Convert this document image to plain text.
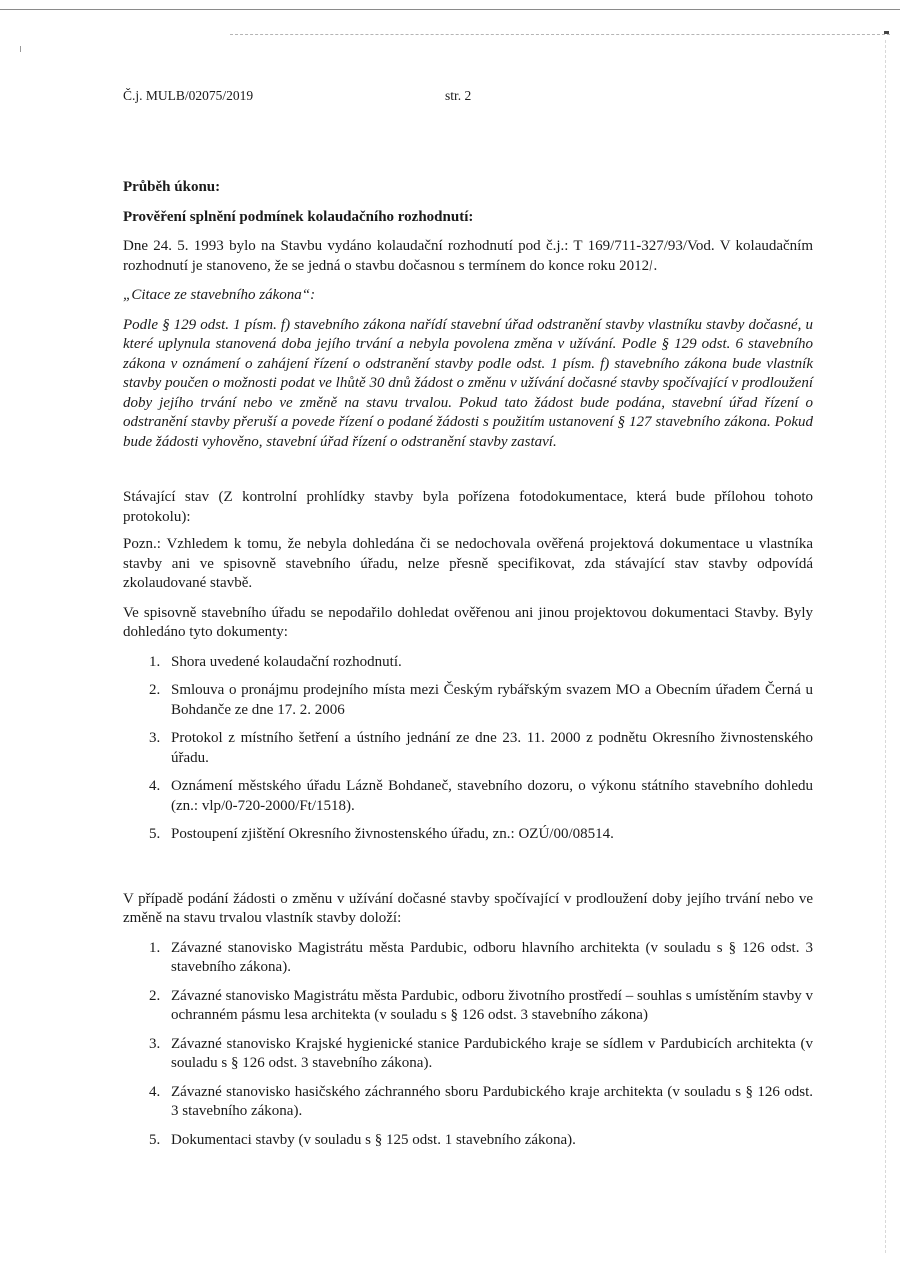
Č.j. MULB/02075/2019	str. 2

Průběh úkonu:

Prověření splnění podmínek kolaudačního rozhodnutí:

Dne 24. 5. 1993 bylo na Stavbu vydáno kolaudační rozhodnutí pod č.j.: T 169/711-327/93/Vod. V kolaudačním rozhodnutí je stanoveno, že se jedná o stavbu dočasnou s termínem do konce roku 2012/.

„Citace ze stavebního zákona“:

Podle § 129 odst. 1 písm. f) stavebního zákona nařídí stavební úřad odstranění stavby vlastníku stavby dočasné, u které uplynula stanovená doba jejího trvání a nebyla povolena změna v užívání. Podle § 129 odst. 6 stavebního zákona v oznámení o zahájení řízení o odstranění stavby podle odst. 1 písm. f) stavebního zákona bude vlastník stavby poučen o možnosti podat ve lhůtě 30 dnů žádost o změnu v užívání dočasné stavby spočívající v prodloužení doby jejího trvání nebo ve změně na stavu trvalou. Pokud tato žádost bude podána, stavební úřad řízení o odstranění stavby přeruší a povede řízení o podané žádosti s použitím ustanovení § 127 stavebního zákona. Pokud bude žádosti vyhověno, stavební úřad řízení o odstranění stavby zastaví.

Stávající stav (Z kontrolní prohlídky stavby byla pořízena fotodokumentace, která bude přílohou tohoto protokolu):

Pozn.: Vzhledem k tomu, že nebyla dohledána či se nedochovala ověřená projektová dokumentace u vlastníka stavby ani ve spisovně stavebního úřadu, nelze přesně specifikovat, zda stávající stav stavby odpovídá zkolaudované stavbě.

Ve spisovně stavebního úřadu se nepodařilo dohledat ověřenou ani jinou projektovou dokumentaci Stavby. Byly dohledáno tyto dokumenty:

1. Shora uvedené kolaudační rozhodnutí.
2. Smlouva o pronájmu prodejního místa mezi Českým rybářským svazem MO a Obecním úřadem Černá u Bohdanče ze dne 17. 2. 2006
3. Protokol z místního šetření a ústního jednání ze dne 23. 11. 2000 z podnětu Okresního živnostenského úřadu.
4. Oznámení městského úřadu Lázně Bohdaneč, stavebního dozoru, o výkonu státního stavebního dohledu (zn.: vlp/0-720-2000/Ft/1518).
5. Postoupení zjištění Okresního živnostenského úřadu, zn.: OZÚ/00/08514.

V případě podání žádosti o změnu v užívání dočasné stavby spočívající v prodloužení doby jejího trvání nebo ve změně na stavu trvalou vlastník stavby doloží:

1. Závazné stanovisko Magistrátu města Pardubic, odboru hlavního architekta (v souladu s § 126 odst. 3 stavebního zákona).
2. Závazné stanovisko Magistrátu města Pardubic, odboru životního prostředí – souhlas s umístěním stavby v ochranném pásmu lesa architekta (v souladu s § 126 odst. 3 stavebního zákona)
3. Závazné stanovisko Krajské hygienické stanice Pardubického kraje se sídlem v Pardubicích architekta (v souladu s § 126 odst. 3 stavebního zákona).
4. Závazné stanovisko hasičského záchranného sboru Pardubického kraje architekta (v souladu s § 126 odst. 3 stavebního zákona).
5. Dokumentaci stavby (v souladu s § 125 odst. 1 stavebního zákona).
